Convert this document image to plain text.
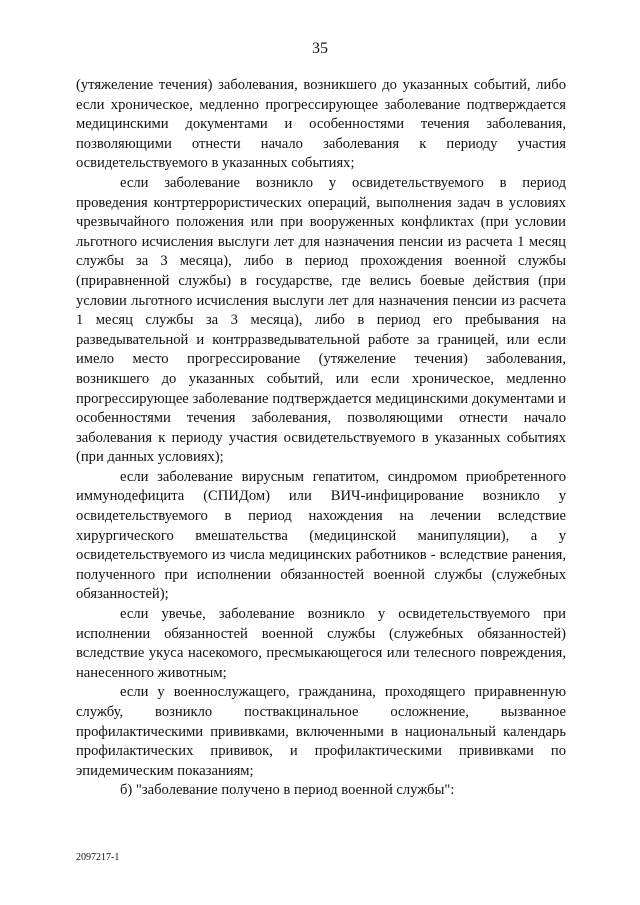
35

(утяжеление течения) заболевания, возникшего до указанных событий, либо если хроническое, медленно прогрессирующее заболевание подтверждается медицинскими документами и особенностями течения заболевания, позволяющими отнести начало заболевания к периоду участия освидетельствуемого в указанных событиях;

если заболевание возникло у освидетельствуемого в период проведения контртеррористических операций, выполнения задач в условиях чрезвычайного положения или при вооруженных конфликтах (при условии льготного исчисления выслуги лет для назначения пенсии из расчета 1 месяц службы за 3 месяца), либо в период прохождения военной службы (приравненной службы) в государстве, где велись боевые действия (при условии льготного исчисления выслуги лет для назначения пенсии из расчета 1 месяц службы за 3 месяца), либо в период его пребывания на разведывательной и контрразведывательной работе за границей, или если имело место прогрессирование (утяжеление течения) заболевания, возникшего до указанных событий, или если хроническое, медленно прогрессирующее заболевание подтверждается медицинскими документами и особенностями течения заболевания, позволяющими отнести начало заболевания к периоду участия освидетельствуемого в указанных событиях (при данных условиях);

если заболевание вирусным гепатитом, синдромом приобретенного иммунодефицита (СПИДом) или ВИЧ-инфицирование возникло у освидетельствуемого в период нахождения на лечении вследствие хирургического вмешательства (медицинской манипуляции), а у освидетельствуемого из числа медицинских работников - вследствие ранения, полученного при исполнении обязанностей военной службы (служебных обязанностей);

если увечье, заболевание возникло у освидетельствуемого при исполнении обязанностей военной службы (служебных обязанностей) вследствие укуса насекомого, пресмыкающегося или телесного повреждения, нанесенного животным;

если у военнослужащего, гражданина, проходящего приравненную службу, возникло поствакцинальное осложнение, вызванное профилактическими прививками, включенными в национальный календарь профилактических прививок, и профилактическими прививками по эпидемическим показаниям;

б) "заболевание получено в период военной службы":

2097217-1
